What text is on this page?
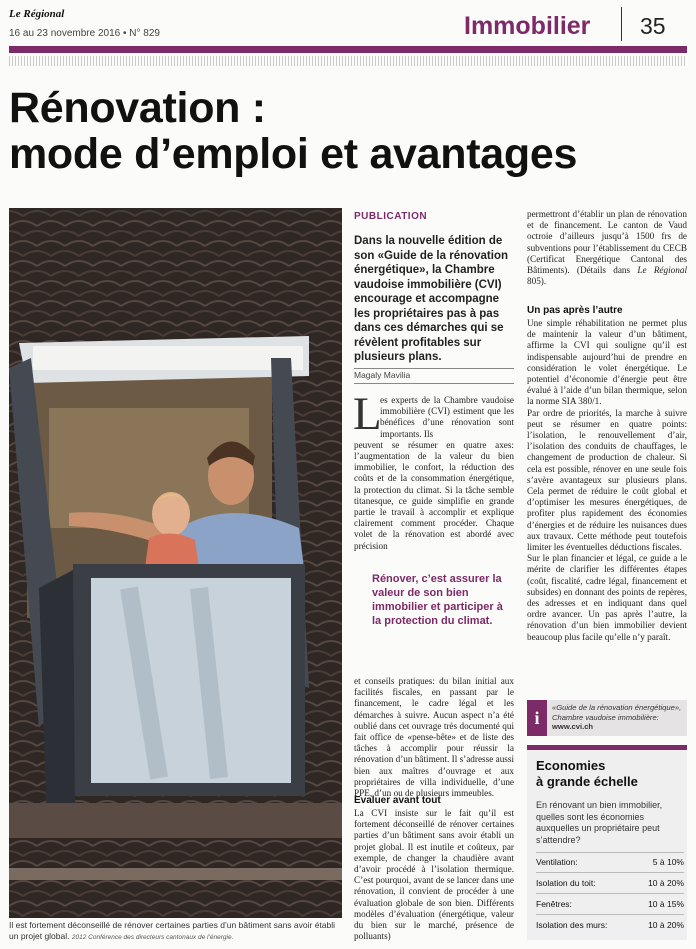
Le Régional
16 au 23 novembre 2016 • N° 829	Immobilier 35
Rénovation :
mode d’emploi et avantages
Il est fortement déconseillé de rénover certaines parties d’un bâtiment sans avoir établi un projet global. 2012 Conférence des directeurs cantonaux de l’énergie.
PUBLICATION
Dans la nouvelle édition de son «Guide de la rénovation énergétique», la Chambre vaudoise immobilière (CVI) encourage et accompagne les propriétaires pas à pas dans ces démarches qui se révèlent profitables sur plusieurs plans.
Magaly Mavilia
L
es experts de la Chambre vaudoise immobilière (CVI) estiment que les bénéfices d’une rénovation sont importants. Ils
peuvent se résumer en quatre axes: l’augmentation de la valeur du bien immobilier, le confort, la réduction des coûts et de la consommation énergétique, la protection du climat. Si la tâche semble titanesque, ce guide simplifie en grande partie le travail à accomplir et explique clairement comment procéder. Chaque volet de la rénovation est abordé avec précision
Rénover, c’est assurer la valeur de son bien immobilier et participer à la protection du climat.
et conseils pratiques: du bilan initial aux facilités fiscales, en passant par le financement, le cadre légal et les démarches à suivre. Aucun aspect n’a été oublié dans cet ouvrage très documenté qui fait office de «pense-bête» et de liste des tâches à accomplir pour réussir la rénovation d’un bâtiment. Il s’adresse aussi bien aux maîtres d’ouvrage et aux propriétaires de villa individuelle, d’une PPE, d’un ou de plusieurs immeubles.
Evaluer avant tout
La CVI insiste sur le fait qu’il est fortement déconseillé de rénover certaines parties d’un bâtiment sans avoir établi un projet global. Il est inutile et coûteux, par exemple, de changer la chaudière avant d’avoir procédé à l’isolation thermique. C’est pourquoi, avant de se lancer dans une rénovation, il convient de procéder à une évaluation globale de son bien. Différents modèles d’évaluation (énergétique, valeur du bien sur le marché, présence de polluants)
permettront d’établir un plan de rénovation et de financement. Le canton de Vaud octroie d’ailleurs jusqu’à 1500 frs de subventions pour l’établissement du CECB (Certificat Energétique Cantonal des Bâtiments). (Détails dans Le Régional 805).
Un pas après l’autre
Une simple réhabilitation ne permet plus de maintenir la valeur d’un bâtiment, affirme la CVI qui souligne qu’il est indispensable aujourd’hui de prendre en considération le volet énergétique. Le potentiel d’économie d’énergie peut être évalué à l’aide d’un bilan thermique, selon la norme SIA 380/1.
Par ordre de priorités, la marche à suivre peut se résumer en quatre points: l’isolation, le renouvellement d’air, l’isolation des conduits de chauffages, le changement de production de chaleur. Si cela est possible, rénover en une seule fois s’avère avantageux sur plusieurs plans. Cela permet de réduire le coût global et d’optimiser les mesures énergétiques, de profiter plus rapidement des économies d’énergies et de réduire les nuisances dues aux travaux. Cette méthode peut toutefois limiter les éventuelles déductions fiscales.
Sur le plan financier et légal, ce guide a le mérite de clarifier les différentes étapes (coût, fiscalité, cadre légal, financement et subsides) en donnant des points de repères, des adresses et en indiquant dans quel ordre avancer. Un pas après l’autre, la rénovation d’un bien immobilier devient beaucoup plus facile qu’elle n’y paraît.
i
«Guide de la rénovation énergétique», Chambre vaudoise immobilière: www.cvi.ch
Economies
à grande échelle
En rénovant un bien immobilier, quelles sont les économies auxquelles un propriétaire peut s’attendre?
Ventilation:	5 à 10%
Isolation du toit:	10 à 20%
Fenêtres:	10 à 15%
Isolation des murs:	10 à 20%
